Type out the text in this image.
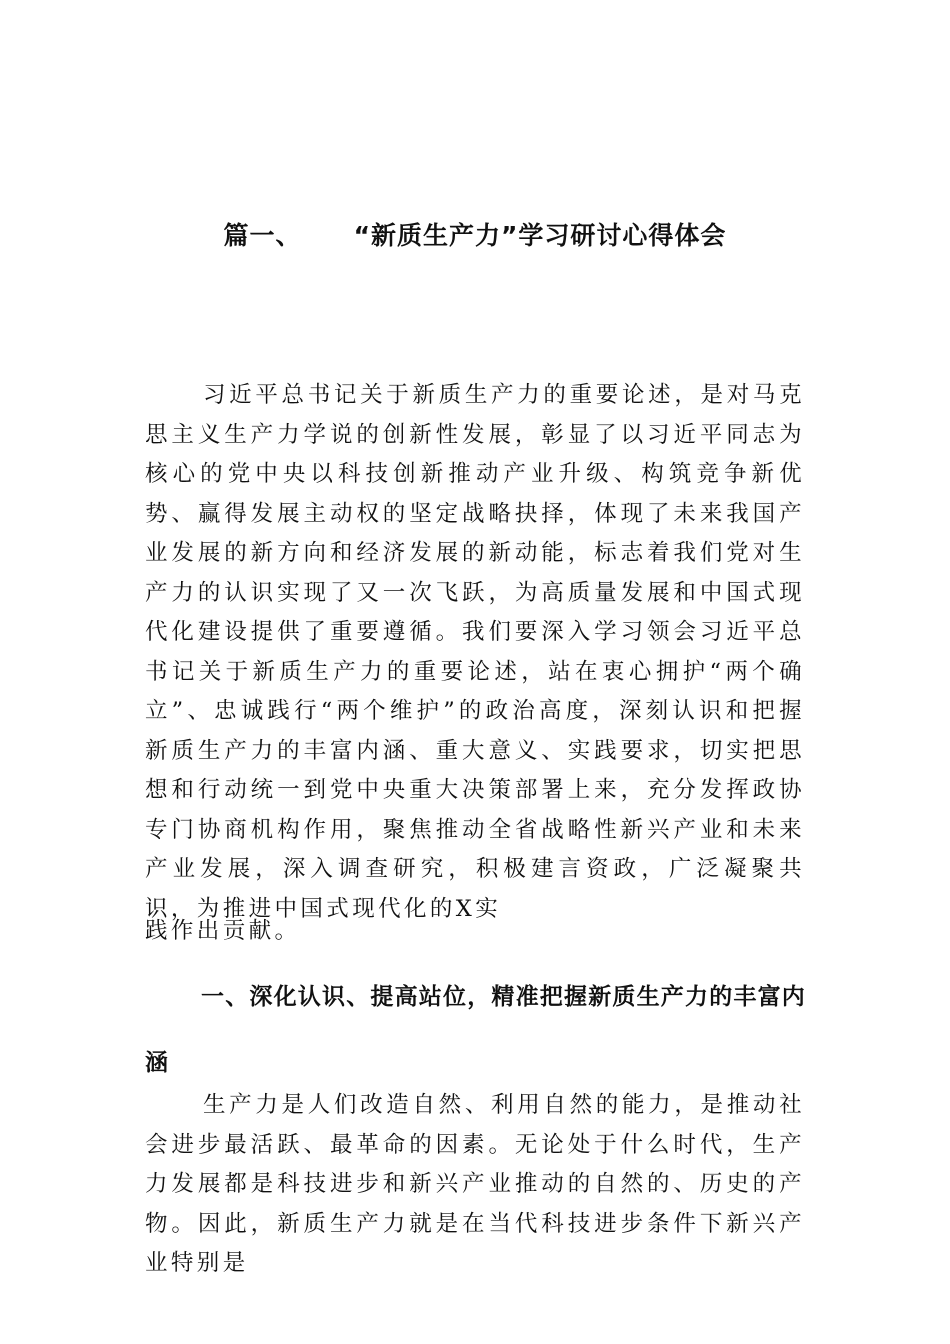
篇一、 “新质生产力”学习研讨心得体会

习近平总书记关于新质生产力的重要论述，是对马克思主义生产力学说的创新性发展，彰显了以习近平同志为核心的党中央以科技创新推动产业升级、构筑竞争新优势、赢得发展主动权的坚定战略抉择，体现了未来我国产业发展的新方向和经济发展的新动能，标志着我们党对生产力的认识实现了又一次飞跃，为高质量发展和中国式现代化建设提供了重要遵循。我们要深入学习领会习近平总书记关于新质生产力的重要论述，站在衷心拥护“两个确立”、忠诚践行“两个维护”的政治高度，深刻认识和把握新质生产力的丰富内涵、重大意义、实践要求，切实把思想和行动统一到党中央重大决策部署上来，充分发挥政协专门协商机构作用，聚焦推动全省战略性新兴产业和未来产业发展，深入调查研究，积极建言资政，广泛凝聚共识，为推进中国式现代化的X实

践作出贡献。

一、深化认识、提高站位，精准把握新质生产力的丰富内涵

生产力是人们改造自然、利用自然的能力，是推动社会进步最活跃、最革命的因素。无论处于什么时代，生产力发展都是科技进步和新兴产业推动的自然的、历史的产物。因此，新质生产力就是在当代科技进步条件下新兴产业特别是
